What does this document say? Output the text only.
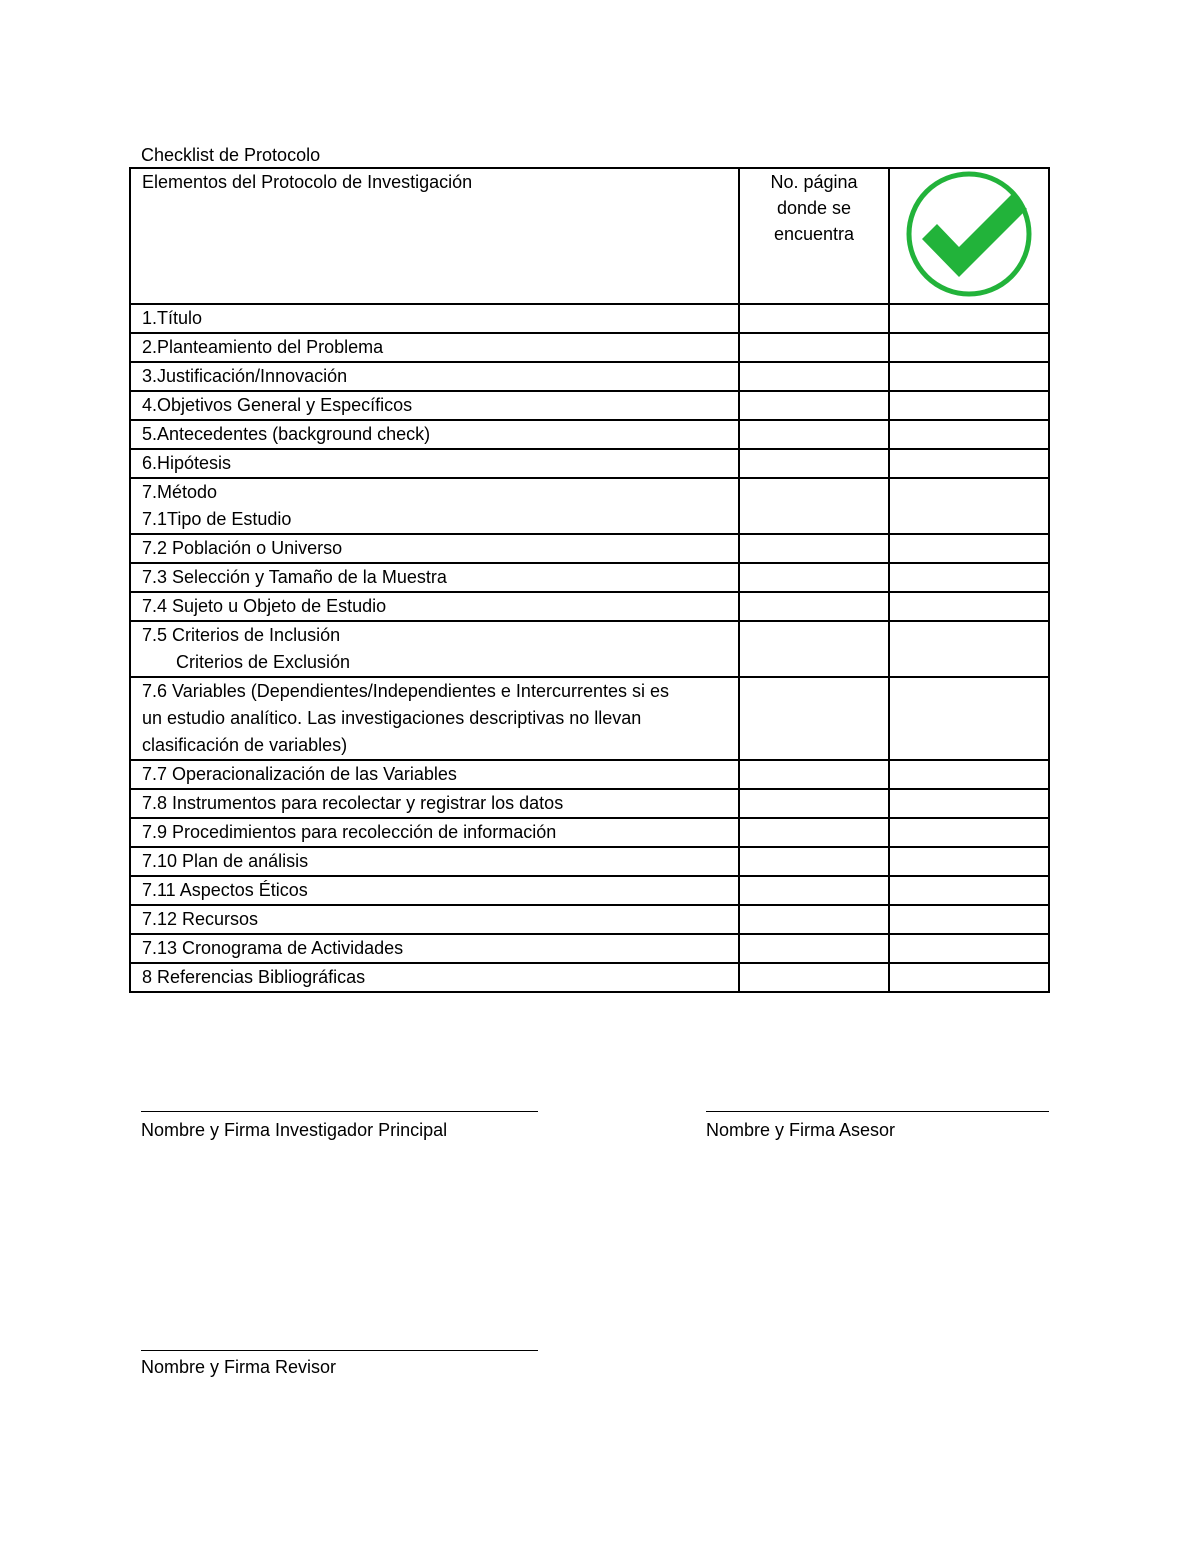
Checklist de Protocolo

Elementos del Protocolo de Investigación	No. página
donde se
encuentra

1.Título		

2.Planteamiento del Problema		

3.Justificación/Innovación		

4.Objetivos General y Específicos		

5.Antecedentes (background check)		

6.Hipótesis		

7.Método
7.1Tipo de Estudio		

7.2 Población o Universo		

7.3 Selección y Tamaño de la Muestra		

7.4 Sujeto u Objeto de Estudio		

7.5 Criterios de Inclusión
Criterios de Exclusión		

7.6 Variables (Dependientes/Independientes e Intercurrentes si es
un estudio analítico. Las investigaciones descriptivas no llevan
clasificación de variables)		

7.7 Operacionalización de las Variables		

7.8 Instrumentos para recolectar y registrar los datos		

7.9 Procedimientos para recolección de información		

7.10 Plan de análisis		

7.11 Aspectos Éticos		

7.12 Recursos		

7.13 Cronograma de Actividades		

8 Referencias Bibliográficas		

Nombre y Firma Investigador Principal	Nombre y Firma Asesor
Nombre y Firma Revisor
